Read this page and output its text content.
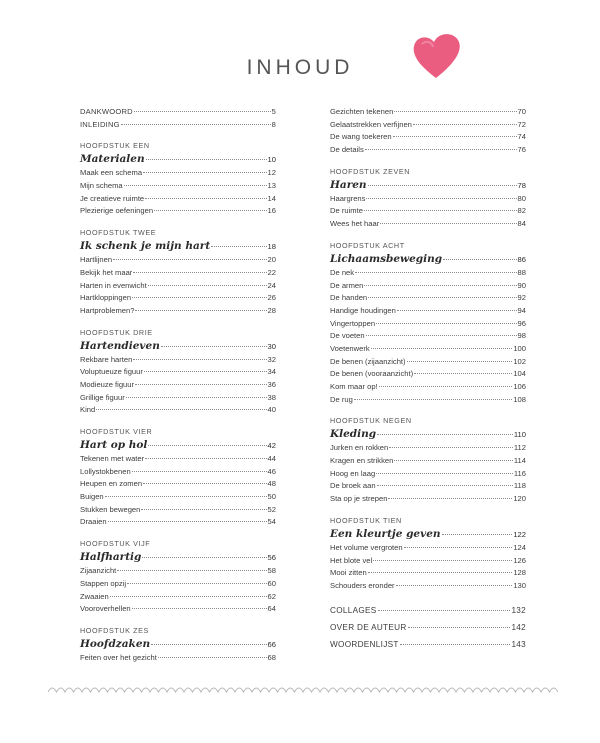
INHOUD
DANKWOORD	5
INLEIDING	8
HOOFDSTUK EEN
Materialen	10
Maak een schema	12
Mijn schema	13
Je creatieve ruimte	14
Plezierige oefeningen	16
HOOFDSTUK TWEE
Ik schenk je mijn hart	18
Hartlijnen	20
Bekijk het maar	22
Harten in evenwicht	24
Hartkloppingen	26
Hartproblemen?	28
HOOFDSTUK DRIE
Hartendieven	30
Rekbare harten	32
Voluptueuze figuur	34
Modieuze figuur	36
Grillige figuur	38
Kind	40
HOOFDSTUK VIER
Hart op hol	42
Tekenen met water	44
Lollystokbenen	46
Heupen en zomen	48
Buigen	50
Stukken bewegen	52
Draaien	54
HOOFDSTUK VIJF
Halfhartig	56
Zijaanzicht	58
Stappen opzij	60
Zwaaien	62
Vooroverhellen	64
HOOFDSTUK ZES
Hoofdzaken	66
Feiten over het gezicht	68
Gezichten tekenen	70
Gelaatstrekken verfijnen	72
De wang toekeren	74
De details	76
HOOFDSTUK ZEVEN
Haren	78
Haargrens	80
De ruimte	82
Wees het haar	84
HOOFDSTUK ACHT
Lichaamsbeweging	86
De nek	88
De armen	90
De handen	92
Handige houdingen	94
Vingertoppen	96
De voeten	98
Voetenwerk	100
De benen (zijaanzicht)	102
De benen (vooraanzicht)	104
Kom maar op!	106
De rug	108
HOOFDSTUK NEGEN
Kleding	110
Jurken en rokken	112
Kragen en strikken	114
Hoog en laag	116
De broek aan	118
Sta op je strepen	120
HOOFDSTUK TIEN
Een kleurtje geven	122
Het volume vergroten	124
Het blote vel	126
Mooi zitten	128
Schouders eronder	130
COLLAGES	132
OVER DE AUTEUR	142
WOORDENLIJST	143
